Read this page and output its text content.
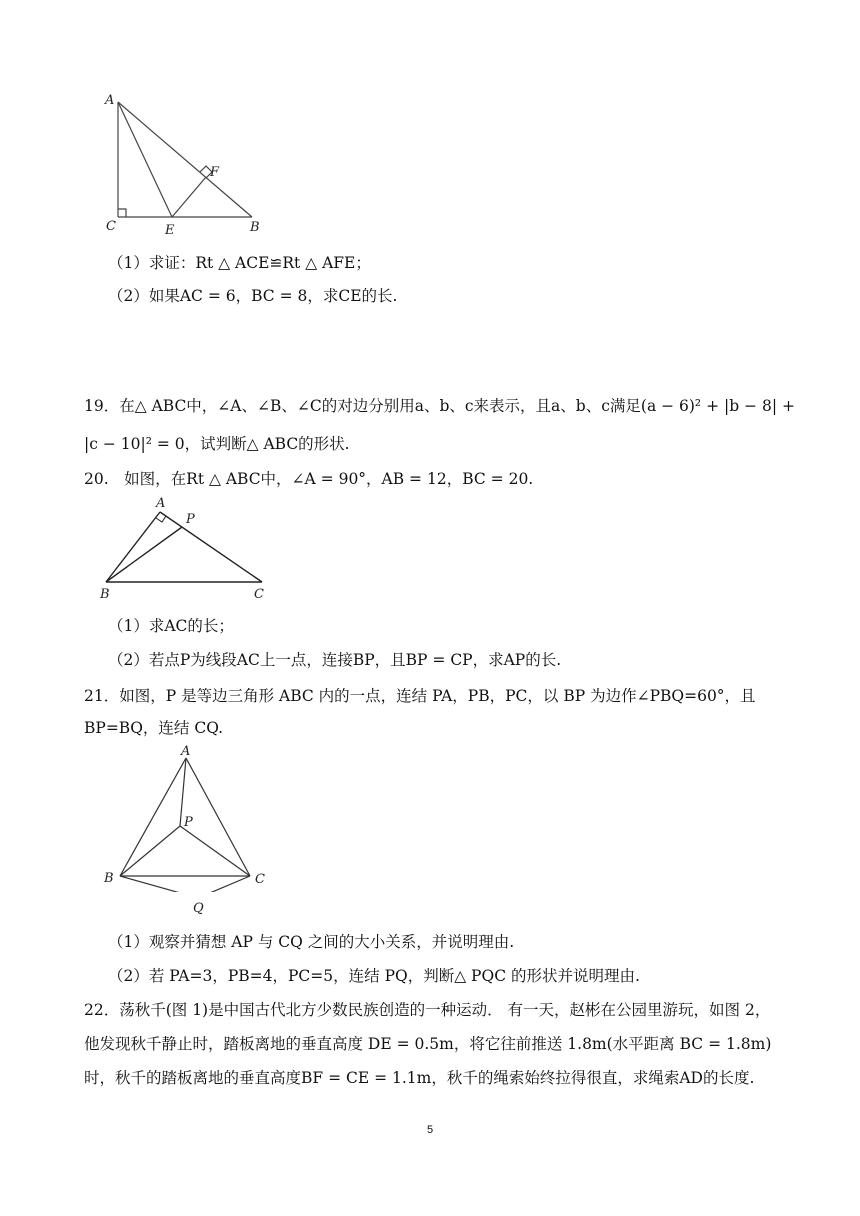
A
F
C	E	B
（1）求证：Rt △ ACE≌Rt △ AFE；
（2）如果AC = 6，BC = 8，求CE的长.
19．在△ ABC中，∠A、∠B、∠C的对边分别用a、b、c来表示，且a、b、c满足(a − 6)² + |b − 8| +
|c − 10|² = 0，试判断△ ABC的形状.
20.　如图，在Rt △ ABC中，∠A = 90°，AB = 12，BC = 20.
A
P
B	C
（1）求AC的长；
（2）若点P为线段AC上一点，连接BP，且BP = CP，求AP的长.
21．如图，P 是等边三角形 ABC 内的一点，连结 PA，PB，PC，以 BP 为边作∠PBQ=60°，且
BP=BQ，连结 CQ.
A
P
B	C
Q
（1）观察并猜想 AP 与 CQ 之间的大小关系，并说明理由.
（2）若 PA=3，PB=4，PC=5，连结 PQ，判断△ PQC 的形状并说明理由.
22．荡秋千(图 1)是中国古代北方少数民族创造的一种运动． 有一天，赵彬在公园里游玩，如图 2，
他发现秋千静止时，踏板离地的垂直高度 DE = 0.5m，将它往前推送 1.8m(水平距离 BC = 1.8m)
时，秋千的踏板离地的垂直高度BF = CE = 1.1m，秋千的绳索始终拉得很直，求绳索AD的长度.
5
